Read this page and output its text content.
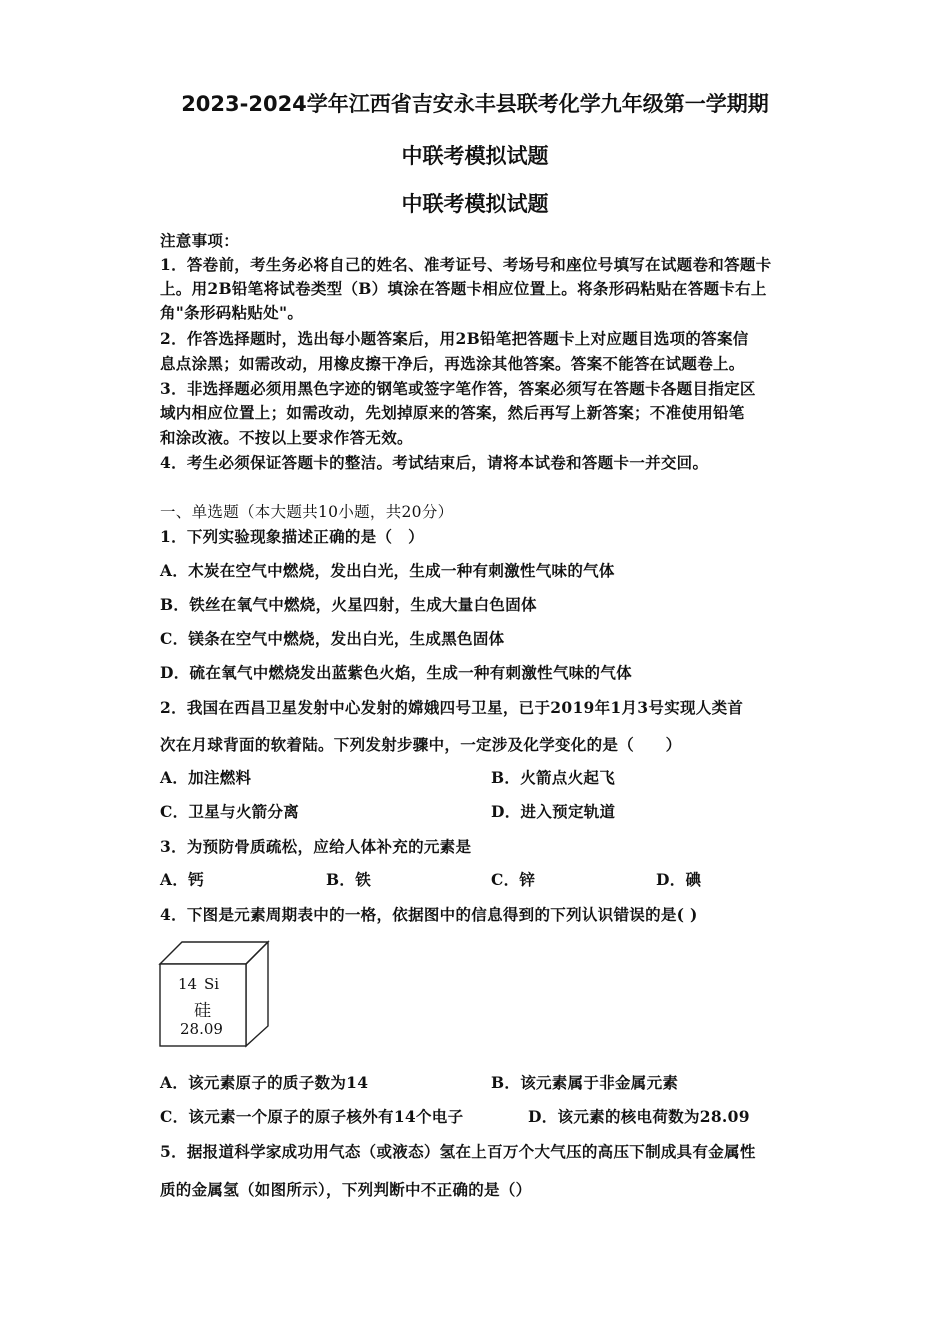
2023-2024学年江西省吉安永丰县联考化学九年级第一学期期
中联考模拟试题
中联考模拟试题
注意事项：
1．答卷前，考生务必将自己的姓名、准考证号、考场号和座位号填写在试题卷和答题卡
上。用2B铅笔将试卷类型（B）填涂在答题卡相应位置上。将条形码粘贴在答题卡右上
角"条形码粘贴处"。
2．作答选择题时，选出每小题答案后，用2B铅笔把答题卡上对应题目选项的答案信
息点涂黑；如需改动，用橡皮擦干净后，再选涂其他答案。答案不能答在试题卷上。
3．非选择题必须用黑色字迹的钢笔或签字笔作答，答案必须写在答题卡各题目指定区
域内相应位置上；如需改动，先划掉原来的答案，然后再写上新答案；不准使用铅笔
和涂改液。不按以上要求作答无效。
4．考生必须保证答题卡的整洁。考试结束后，请将本试卷和答题卡一并交回。
一、单选题（本大题共10小题，共20分）
1．下列实验现象描述正确的是（　）
A．木炭在空气中燃烧，发出白光，生成一种有刺激性气味的气体
B．铁丝在氧气中燃烧，火星四射，生成大量白色固体
C．镁条在空气中燃烧，发出白光，生成黑色固体
D．硫在氧气中燃烧发出蓝紫色火焰，生成一种有刺激性气味的气体
2．我国在西昌卫星发射中心发射的嫦娥四号卫星，已于2019年1月3号实现人类首
次在月球背面的软着陆。下列发射步骤中，一定涉及化学变化的是（　　）
A．加注燃料	B．火箭点火起飞
C．卫星与火箭分离	D．进入预定轨道
3．为预防骨质疏松，应给人体补充的元素是
A．钙	B．铁	C．锌	D．碘
4．下图是元素周期表中的一格，依据图中的信息得到的下列认识错误的是( )
14 Si
硅
28.09
A．该元素原子的质子数为14	B．该元素属于非金属元素
C．该元素一个原子的原子核外有14个电子	D．该元素的核电荷数为28.09
5．据报道科学家成功用气态（或液态）氢在上百万个大气压的高压下制成具有金属性
质的金属氢（如图所示），下列判断中不正确的是（）
